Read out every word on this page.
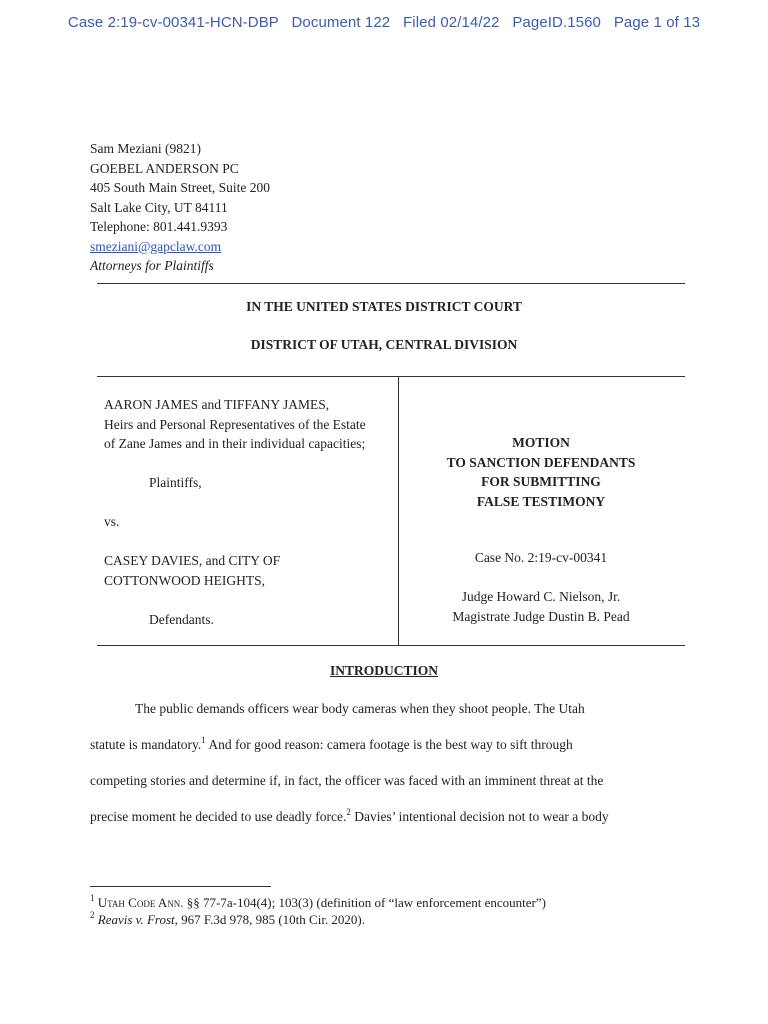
Case 2:19-cv-00341-HCN-DBP Document 122 Filed 02/14/22 PageID.1560 Page 1 of 13
Sam Meziani (9821)
GOEBEL ANDERSON PC
405 South Main Street, Suite 200
Salt Lake City, UT 84111
Telephone: 801.441.9393
smeziani@gapclaw.com
Attorneys for Plaintiffs
IN THE UNITED STATES DISTRICT COURT
DISTRICT OF UTAH, CENTRAL DIVISION
AARON JAMES and TIFFANY JAMES,
Heirs and Personal Representatives of the Estate
of Zane James and in their individual capacities;
Plaintiffs,
vs.
CASEY DAVIES, and CITY OF
COTTONWOOD HEIGHTS,
Defendants.
MOTION
TO SANCTION DEFENDANTS
FOR SUBMITTING
FALSE TESTIMONY
Case No. 2:19-cv-00341
Judge Howard C. Nielson, Jr.
Magistrate Judge Dustin B. Pead
INTRODUCTION
The public demands officers wear body cameras when they shoot people. The Utah
statute is mandatory.$^1$ And for good reason: camera footage is the best way to sift through
competing stories and determine if, in fact, the officer was faced with an imminent threat at the
precise moment he decided to use deadly force.$^2$ Davies’ intentional decision not to wear a body
$^1$ Utah Code Ann. §§ 77-7a-104(4); 103(3) (definition of “law enforcement encounter”)
$^2$ Reavis v. Frost, 967 F.3d 978, 985 (10th Cir. 2020).
